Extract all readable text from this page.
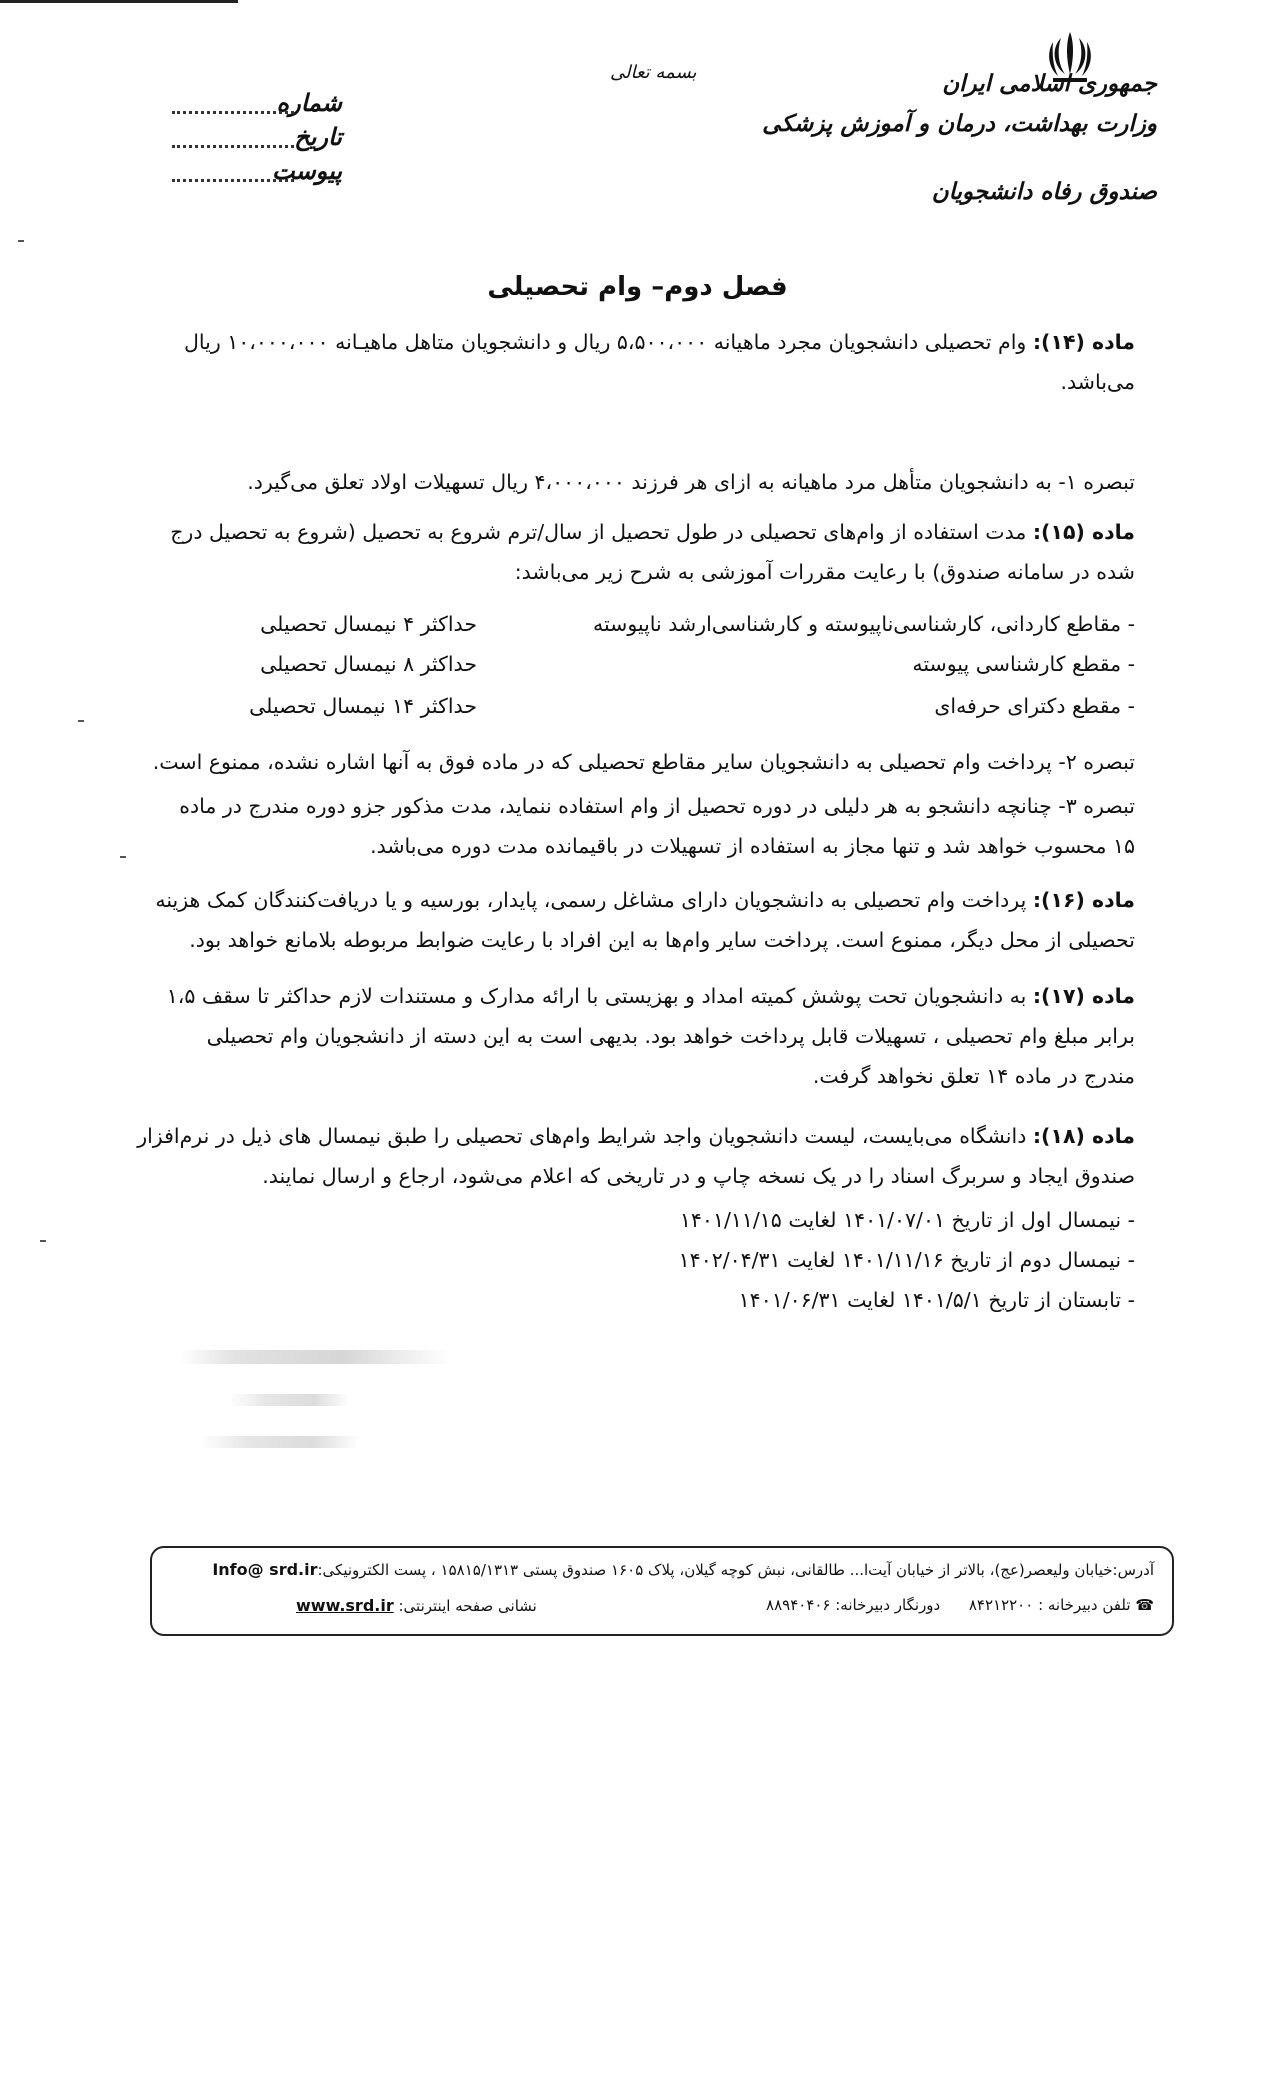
جمهوری اسلامی ایران
وزارت بهداشت، درمان و آموزش پزشکی
صندوق رفاه دانشجویان
بسمه تعالی
شماره
تاریخ
پیوست
فصل دوم– وام تحصیلی
ماده (۱۴): وام تحصیلی دانشجویان مجرد ماهیانه ۵،۵۰۰،۰۰۰ ریال و دانشجویان متاهل ماهیـانه ۱۰،۰۰۰،۰۰۰ ریال
می‌باشد.
تبصره ۱- به دانشجویان متأهل مرد ماهیانه به ازای هر فرزند ۴،۰۰۰،۰۰۰ ریال تسهیلات اولاد تعلق می‌گیرد.
ماده (۱۵): مدت استفاده از وام‌های تحصیلی در طول تحصیل از سال/ترم شروع به تحصیل (شروع به تحصیل درج
شده در سامانه صندوق) با رعایت مقررات آموزشی به شرح زیر می‌باشد:
- مقاطع کاردانی، کارشناسی‌ناپیوسته و کارشناسی‌ارشد ناپیوسته
حداکثر ۴ نیمسال تحصیلی
- مقطع کارشناسی پیوسته
حداکثر ۸ نیمسال تحصیلی
- مقطع دکترای حرفه‌ای
حداکثر ۱۴ نیمسال تحصیلی
تبصره ۲- پرداخت وام تحصیلی به دانشجویان سایر مقاطع تحصیلی که در ماده فوق به آنها اشاره نشده، ممنوع است.
تبصره ۳- چنانچه دانشجو به هر دلیلی در دوره تحصیل از وام استفاده ننماید، مدت مذکور جزو دوره مندرج در ماده
۱۵ محسوب خواهد شد و تنها مجاز به استفاده از تسهیلات در باقیمانده مدت دوره می‌باشد.
ماده (۱۶): پرداخت وام تحصیلی به دانشجویان دارای مشاغل رسمی، پایدار، بورسیه و یا دریافت‌کنندگان کمک هزینه
تحصیلی از محل دیگر، ممنوع است. پرداخت سایر وام‌ها به این افراد با رعایت ضوابط مربوطه بلامانع خواهد بود.
ماده (۱۷): به دانشجویان تحت پوشش کمیته امداد و بهزیستی با ارائه مدارک و مستندات لازم حداکثر تا سقف ۱،۵
برابر مبلغ وام تحصیلی ، تسهیلات قابل پرداخت خواهد بود. بدیهی است به این دسته از دانشجویان وام تحصیلی
مندرج در ماده ۱۴ تعلق نخواهد گرفت.
ماده (۱۸): دانشگاه می‌بایست، لیست دانشجویان واجد شرایط وام‌های تحصیلی را طبق نیمسال های ذیل در نرم‌افزار
صندوق ایجاد و سربرگ اسناد را در یک نسخه چاپ و در تاریخی که اعلام می‌شود، ارجاع و ارسال نمایند.
- نیمسال اول از تاریخ ۱۴۰۱/۰۷/۰۱ لغایت ۱۴۰۱/۱۱/۱۵
- نیمسال دوم از تاریخ ۱۴۰۱/۱۱/۱۶ لغایت ۱۴۰۲/۰۴/۳۱
- تابستان از تاریخ ۱۴۰۱/۵/۱ لغایت ۱۴۰۱/۰۶/۳۱
آدرس:خیابان ولیعصر(عج)، بالاتر از خیابان آیت‌ا... طالقانی، نبش کوچه گیلان، پلاک ۱۶۰۵ صندوق پستی ۱۵۸۱۵/۱۳۱۳ ، پست الکترونیکی:Info@ srd.ir
☎ تلفن دبیرخانه : ۸۴۲۱۲۲۰۰      دورنگار دبیرخانه: ۸۸۹۴۰۴۰۶
نشانی صفحه اینترنتی: www.srd.ir
